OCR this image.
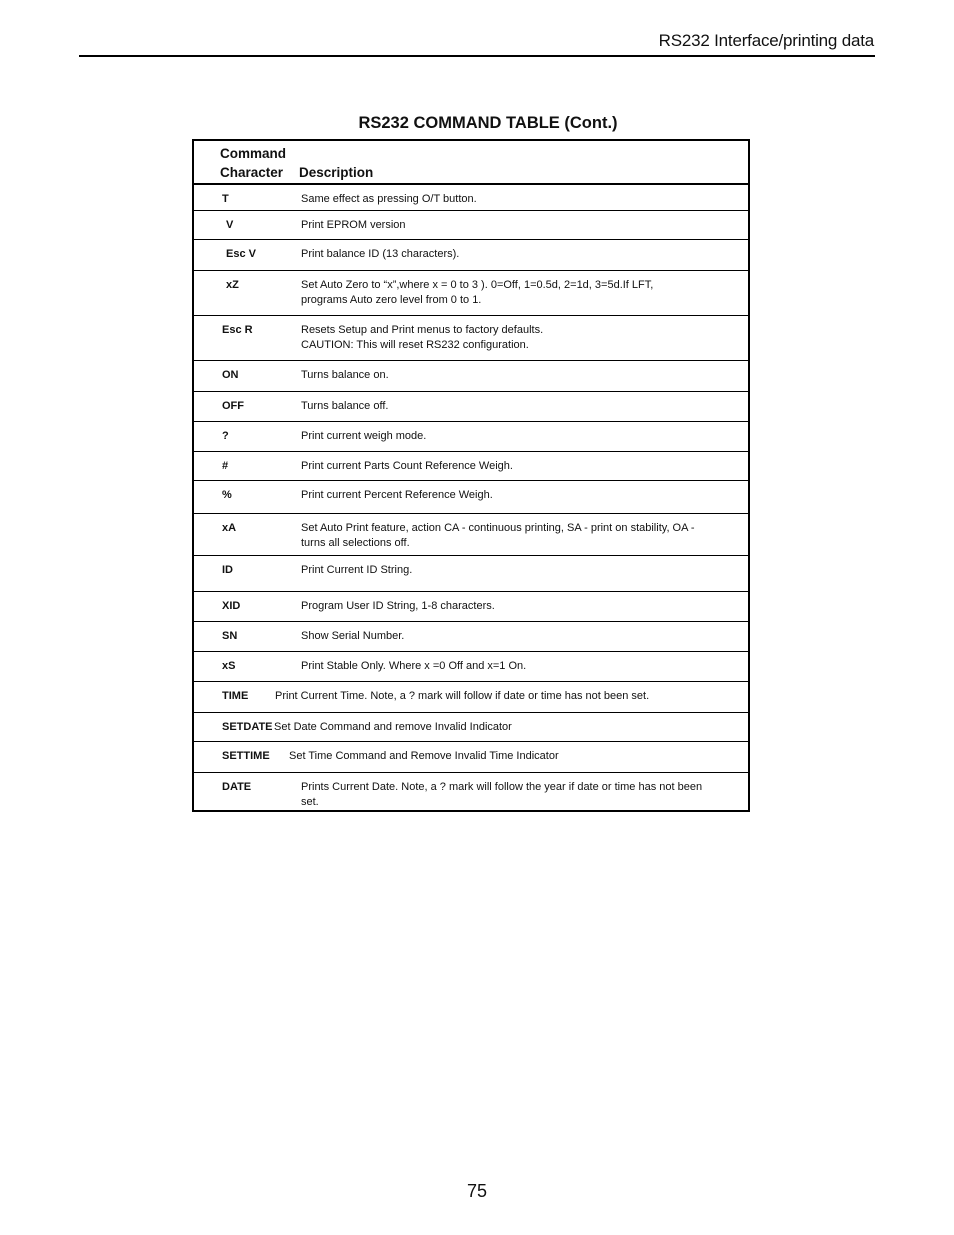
RS232 Interface/printing data
RS232 COMMAND TABLE (Cont.)
Command
Character Description
T	Same effect as pressing O/T button.
V	Print EPROM version
Esc V	Print balance ID (13 characters).
xZ	Set Auto Zero to “x”,where x = 0 to 3 ). 0=Off, 1=0.5d, 2=1d, 3=5d.If LFT,
programs Auto zero level from 0 to 1.
Esc R	Resets Setup and Print menus to factory defaults.
CAUTION: This will reset RS232 configuration.
ON	Turns balance on.
OFF	Turns balance off.
?	Print current weigh mode.
#	Print current Parts Count Reference Weigh.
%	Print current Percent Reference Weigh.
xA	Set Auto Print feature, action CA - continuous printing, SA - print on stability, OA -
turns all selections off.
ID	Print Current ID String.
XID	Program User ID String, 1-8 characters.
SN	Show Serial Number.
xS	Print Stable Only. Where x =0 Off and x=1 On.
TIME Print Current Time. Note, a ? mark will follow if date or time has not been set.
SETDATE Set Date Command and remove Invalid Indicator
SETTIME Set Time Command and Remove Invalid Time Indicator
DATE	Prints Current Date. Note, a ? mark will follow the year if date or time has not been
set.
75
